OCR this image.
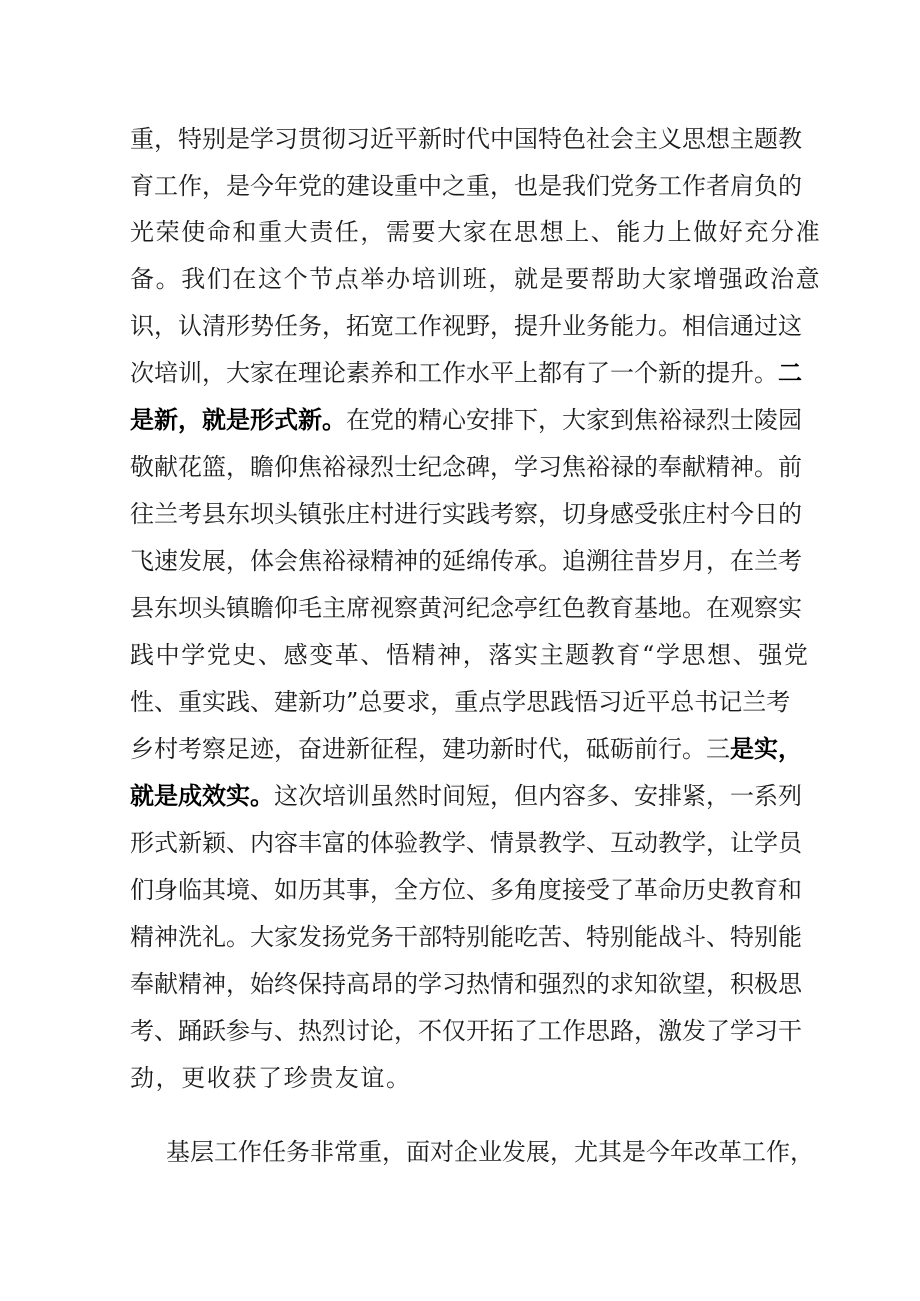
重，特别是学习贯彻习近平新时代中国特色社会主义思想主题教
育工作，是今年党的建设重中之重，也是我们党务工作者肩负的
光荣使命和重大责任，需要大家在思想上、能力上做好充分准
备。我们在这个节点举办培训班，就是要帮助大家增强政治意
识，认清形势任务，拓宽工作视野，提升业务能力。相信通过这
次培训，大家在理论素养和工作水平上都有了一个新的提升。二
是新，就是形式新。在党的精心安排下，大家到焦裕禄烈士陵园
敬献花篮，瞻仰焦裕禄烈士纪念碑，学习焦裕禄的奉献精神。前
往兰考县东坝头镇张庄村进行实践考察，切身感受张庄村今日的
飞速发展，体会焦裕禄精神的延绵传承。追溯往昔岁月，在兰考
县东坝头镇瞻仰毛主席视察黄河纪念亭红色教育基地。在观察实
践中学党史、感变革、悟精神，落实主题教育“学思想、强党
性、重实践、建新功”总要求，重点学思践悟习近平总书记兰考
乡村考察足迹，奋进新征程，建功新时代，砥砺前行。三是实，
就是成效实。这次培训虽然时间短，但内容多、安排紧，一系列
形式新颖、内容丰富的体验教学、情景教学、互动教学，让学员
们身临其境、如历其事，全方位、多角度接受了革命历史教育和
精神洗礼。大家发扬党务干部特别能吃苦、特别能战斗、特别能
奉献精神，始终保持高昂的学习热情和强烈的求知欲望，积极思
考、踊跃参与、热烈讨论，不仅开拓了工作思路，激发了学习干
劲，更收获了珍贵友谊。
基层工作任务非常重，面对企业发展，尤其是今年改革工作，
